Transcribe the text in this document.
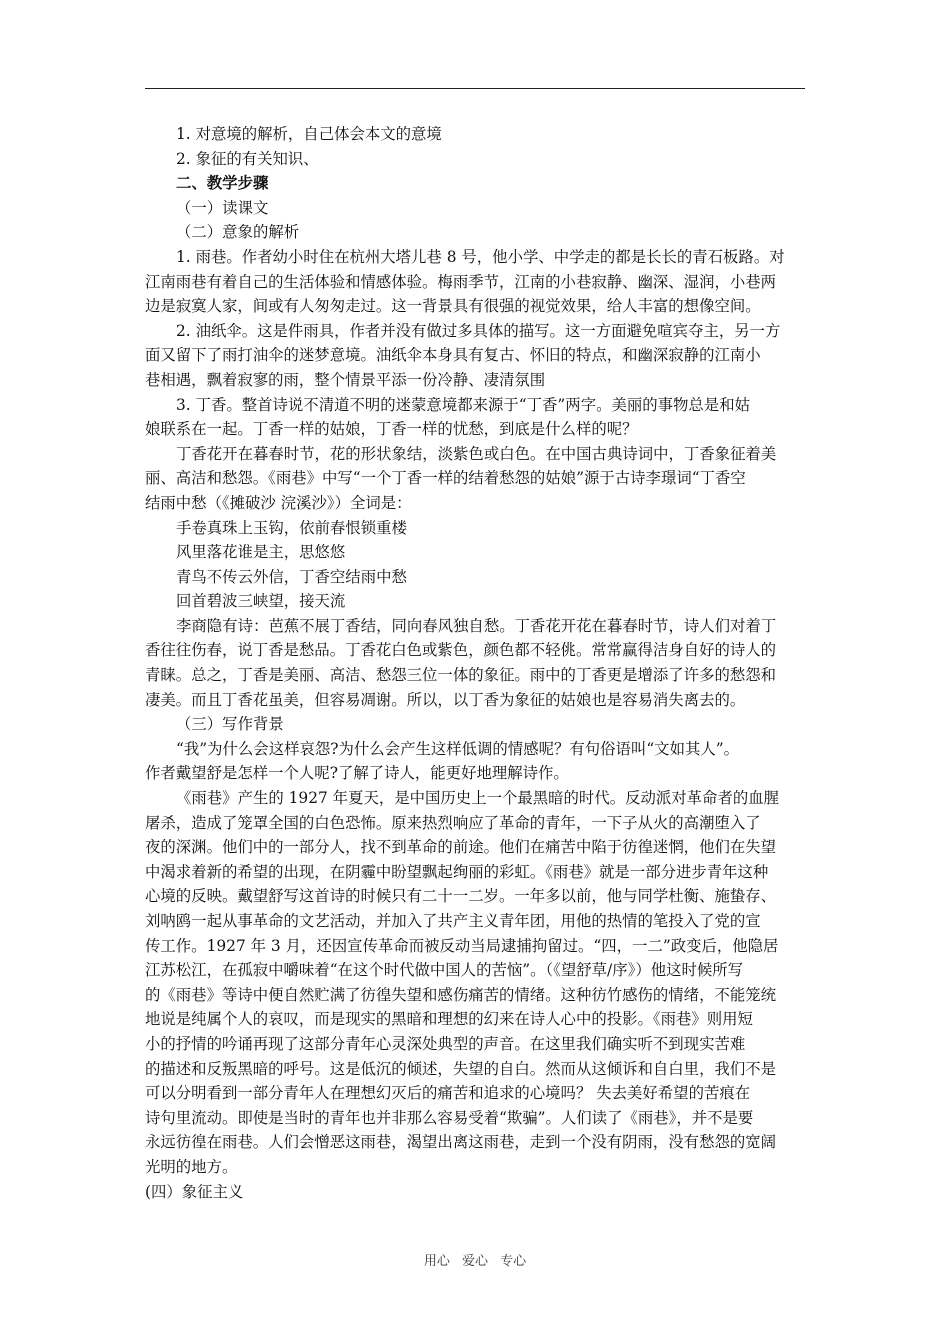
1. 对意境的解析，自己体会本文的意境

2. 象征的有关知识、

二、教学步骤

（一）读课文

（二）意象的解析

1. 雨巷。作者幼小时住在杭州大塔儿巷 8 号，他小学、中学走的都是长长的青石板路。对

江南雨巷有着自己的生活体验和情感体验。梅雨季节，江南的小巷寂静、幽深、湿润，小巷两

边是寂寞人家，间或有人匆匆走过。这一背景具有很强的视觉效果，给人丰富的想像空间。

2. 油纸伞。这是件雨具，作者并没有做过多具体的描写。这一方面避免喧宾夺主，另一方

面又留下了雨打油伞的迷梦意境。油纸伞本身具有复古、怀旧的特点，和幽深寂静的江南小

巷相遇，飘着寂寥的雨，整个情景平添一份冷静、凄清氛围

3. 丁香。整首诗说不清道不明的迷蒙意境都来源于“丁香”两字。美丽的事物总是和姑

娘联系在一起。丁香一样的姑娘，丁香一样的忧愁，到底是什么样的呢？

丁香花开在暮春时节，花的形状象结，淡紫色或白色。在中国古典诗词中，丁香象征着美

丽、高洁和愁怨。《雨巷》中写“一个丁香一样的结着愁怨的姑娘”源于古诗李璟词“丁香空

结雨中愁（《摊破沙 浣溪沙》）全词是：

手卷真珠上玉钩，依前春恨锁重楼

风里落花谁是主，思悠悠

青鸟不传云外信，丁香空结雨中愁

回首碧波三峡望，接天流

李商隐有诗：芭蕉不展丁香结，同向春风独自愁。丁香花开花在暮春时节，诗人们对着丁

香往往伤春，说丁香是愁品。丁香花白色或紫色，颜色都不轻佻。常常赢得洁身自好的诗人的

青睐。总之，丁香是美丽、高洁、愁怨三位一体的象征。雨中的丁香更是增添了许多的愁怨和

凄美。而且丁香花虽美，但容易凋谢。所以，以丁香为象征的姑娘也是容易消失离去的。

（三）写作背景

“我”为什么会这样哀怨?为什么会产生这样低调的情感呢？有句俗语叫“文如其人”。

作者戴望舒是怎样一个人呢?了解了诗人，能更好地理解诗作。

《雨巷》产生的 1927 年夏天，是中国历史上一个最黑暗的时代。反动派对革命者的血腥

屠杀，造成了笼罩全国的白色恐怖。原来热烈响应了革命的青年，一下子从火的高潮堕入了

夜的深渊。他们中的一部分人，找不到革命的前途。他们在痛苦中陷于彷徨迷惘，他们在失望

中渴求着新的希望的出现，在阴霾中盼望飘起绚丽的彩虹。《雨巷》就是一部分进步青年这种

心境的反映。戴望舒写这首诗的时候只有二十一二岁。一年多以前，他与同学杜衡、施蛰存、

刘呐鸥一起从事革命的文艺活动，并加入了共产主义青年团，用他的热情的笔投入了党的宣

传工作。1927 年 3 月，还因宣传革命而被反动当局逮捕拘留过。“四，一二”政变后，他隐居

江苏松江，在孤寂中嚼味着“在这个时代做中国人的苦恼”。（《望舒草/序》）他这时候所写

的《雨巷》等诗中便自然贮满了彷徨失望和感伤痛苦的情绪。这种彷竹感伤的情绪，不能笼统

地说是纯属个人的哀叹，而是现实的黑暗和理想的幻来在诗人心中的投影。《雨巷》则用短

小的抒情的吟诵再现了这部分青年心灵深处典型的声音。在这里我们确实听不到现实苦难

的描述和反叛黑暗的呼号。这是低沉的倾述，失望的自白。然而从这倾诉和自白里，我们不是

可以分明看到一部分青年人在理想幻灭后的痛苦和追求的心境吗？ 失去美好希望的苦痕在

诗句里流动。即使是当时的青年也并非那么容易受着“欺骗”。人们读了《雨巷》，并不是要

永远彷徨在雨巷。人们会憎恶这雨巷，渴望出离这雨巷，走到一个没有阴雨，没有愁怨的宽阔

光明的地方。

(四）象征主义

用心 爱心 专心
